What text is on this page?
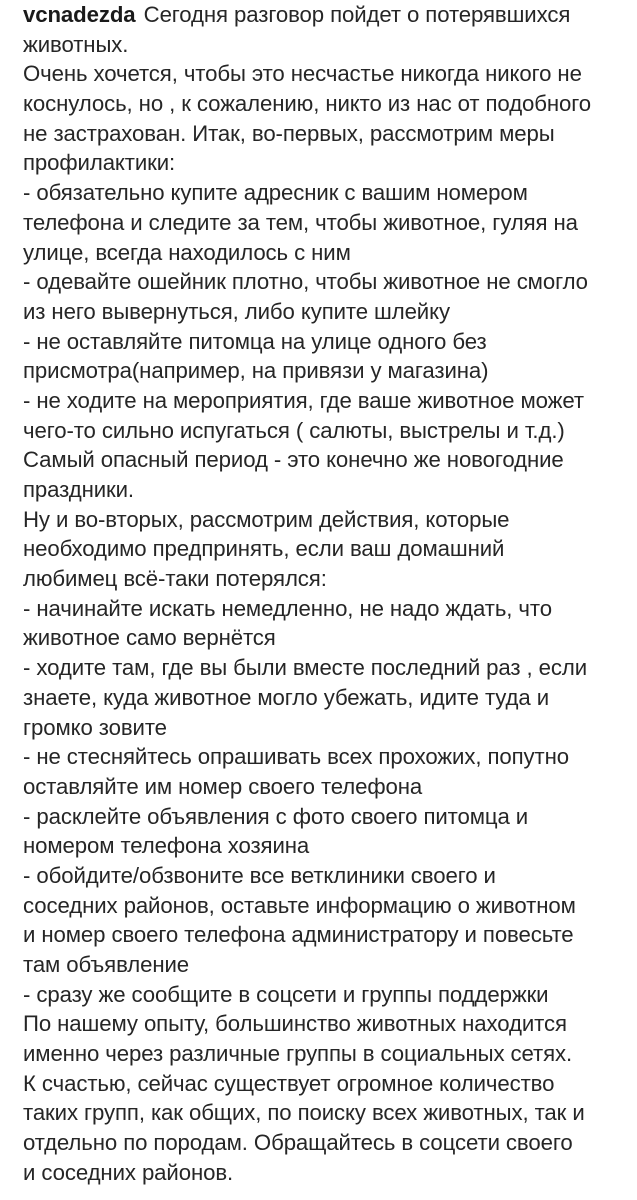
vcnadezda Сегодня разговор пойдет о потерявшихся
животных.
Очень хочется, чтобы это несчастье никогда никого не
коснулось, но , к сожалению, никто из нас от подобного
не застрахован. Итак, во-первых, рассмотрим меры
профилактики:
- обязательно купите адресник с вашим номером
телефона и следите за тем, чтобы животное, гуляя на
улице, всегда находилось с ним
- одевайте ошейник плотно, чтобы животное не смогло
из него вывернуться, либо купите шлейку
- не оставляйте питомца на улице одного без
присмотра(например, на привязи у магазина)
- не ходите на мероприятия, где ваше животное может
чего-то сильно испугаться ( салюты, выстрелы и т.д.)
Самый опасный период - это конечно же новогодние
праздники.
Ну и во-вторых, рассмотрим действия, которые
необходимо предпринять, если ваш домашний
любимец всё-таки потерялся:
- начинайте искать немедленно, не надо ждать, что
животное само вернётся
- ходите там, где вы были вместе последний раз , если
знаете, куда животное могло убежать, идите туда и
громко зовите
- не стесняйтесь опрашивать всех прохожих, попутно
оставляйте им номер своего телефона
- расклейте объявления с фото своего питомца и
номером телефона хозяина
- обойдите/обзвоните все ветклиники своего и
соседних районов, оставьте информацию о животном
и номер своего телефона администратору и повесьте
там объявление
- сразу же сообщите в соцсети и группы поддержки
По нашему опыту, большинство животных находится
именно через различные группы в социальных сетях.
К счастью, сейчас существует огромное количество
таких групп, как общих, по поиску всех животных, так и
отдельно по породам. Обращайтесь в соцсети своего
и соседних районов.
